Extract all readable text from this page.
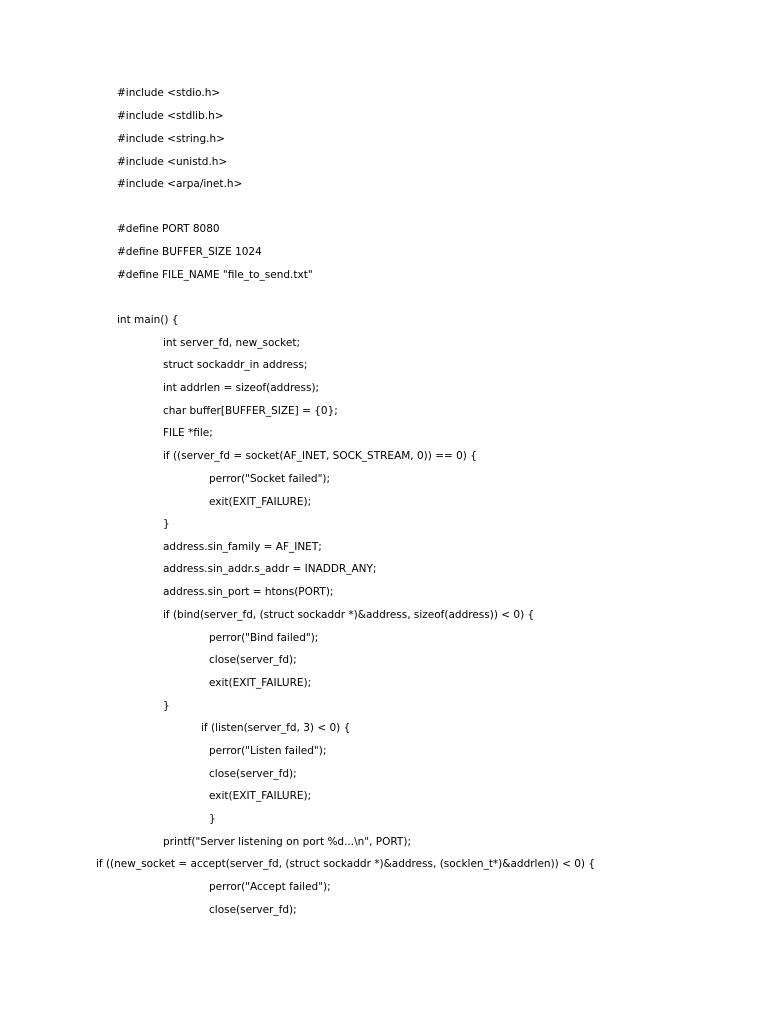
#include <stdio.h>
#include <stdlib.h>
#include <string.h>
#include <unistd.h>
#include <arpa/inet.h>
#define PORT 8080
#define BUFFER_SIZE 1024
#define FILE_NAME "file_to_send.txt"
int main() {
int server_fd, new_socket;
struct sockaddr_in address;
int addrlen = sizeof(address);
char buffer[BUFFER_SIZE] = {0};
FILE *file;
if ((server_fd = socket(AF_INET, SOCK_STREAM, 0)) == 0) {
perror("Socket failed");
exit(EXIT_FAILURE);
}
address.sin_family = AF_INET;
address.sin_addr.s_addr = INADDR_ANY;
address.sin_port = htons(PORT);
if (bind(server_fd, (struct sockaddr *)&address, sizeof(address)) < 0) {
perror("Bind failed");
close(server_fd);
exit(EXIT_FAILURE);
}
if (listen(server_fd, 3) < 0) {
perror("Listen failed");
close(server_fd);
exit(EXIT_FAILURE);
}
printf("Server listening on port %d...\n", PORT);
if ((new_socket = accept(server_fd, (struct sockaddr *)&address, (socklen_t*)&addrlen)) < 0) {
perror("Accept failed");
close(server_fd);
